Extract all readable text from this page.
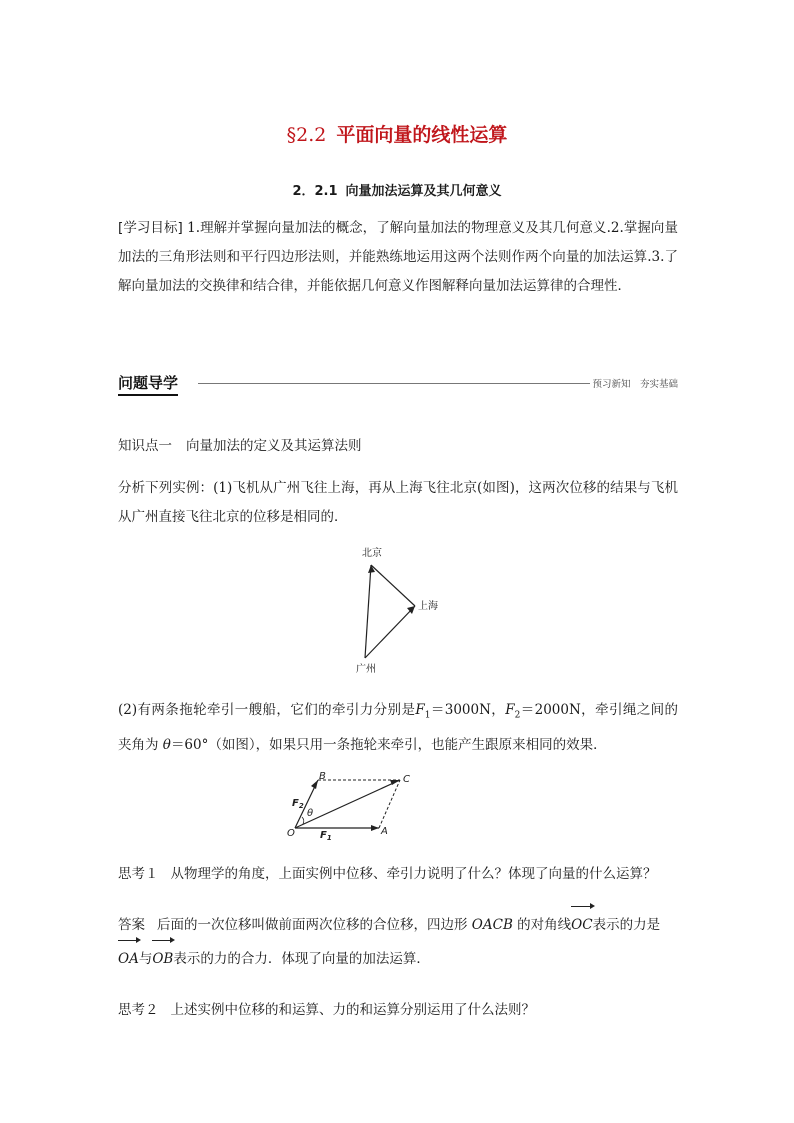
§2.2 平面向量的线性运算
2．2.1 向量加法运算及其几何意义
[学习目标] 1.理解并掌握向量加法的概念，了解向量加法的物理意义及其几何意义.2.掌握向量加法的三角形法则和平行四边形法则，并能熟练地运用这两个法则作两个向量的加法运算.3.了解向量加法的交换律和结合律，并能依据几何意义作图解释向量加法运算律的合理性．
问题导学	预习新知　夯实基础
知识点一 向量加法的定义及其运算法则
分析下列实例：(1)飞机从广州飞往上海，再从上海飞往北京(如图)，这两次位移的结果与飞机从广州直接飞往北京的位移是相同的．
北京
上海
广州
(2)有两条拖轮牵引一艘船，它们的牵引力分别是$F_1=3000N$，$F_2=2000N$，牵引绳之间的夹角为 θ＝60°（如图），如果只用一条拖轮来牵引，也能产生跟原来相同的效果．
O	A
B	C
θ
$F_2$
$F_1$
思考１ 从物理学的角度，上面实例中位移、牵引力说明了什么？体现了向量的什么运算？
答案 后面的一次位移叫做前面两次位移的合位移，四边形 OACB 的对角线OC表示的力是OA与OB表示的力的合力．体现了向量的加法运算．
思考２ 上述实例中位移的和运算、力的和运算分别运用了什么法则？
